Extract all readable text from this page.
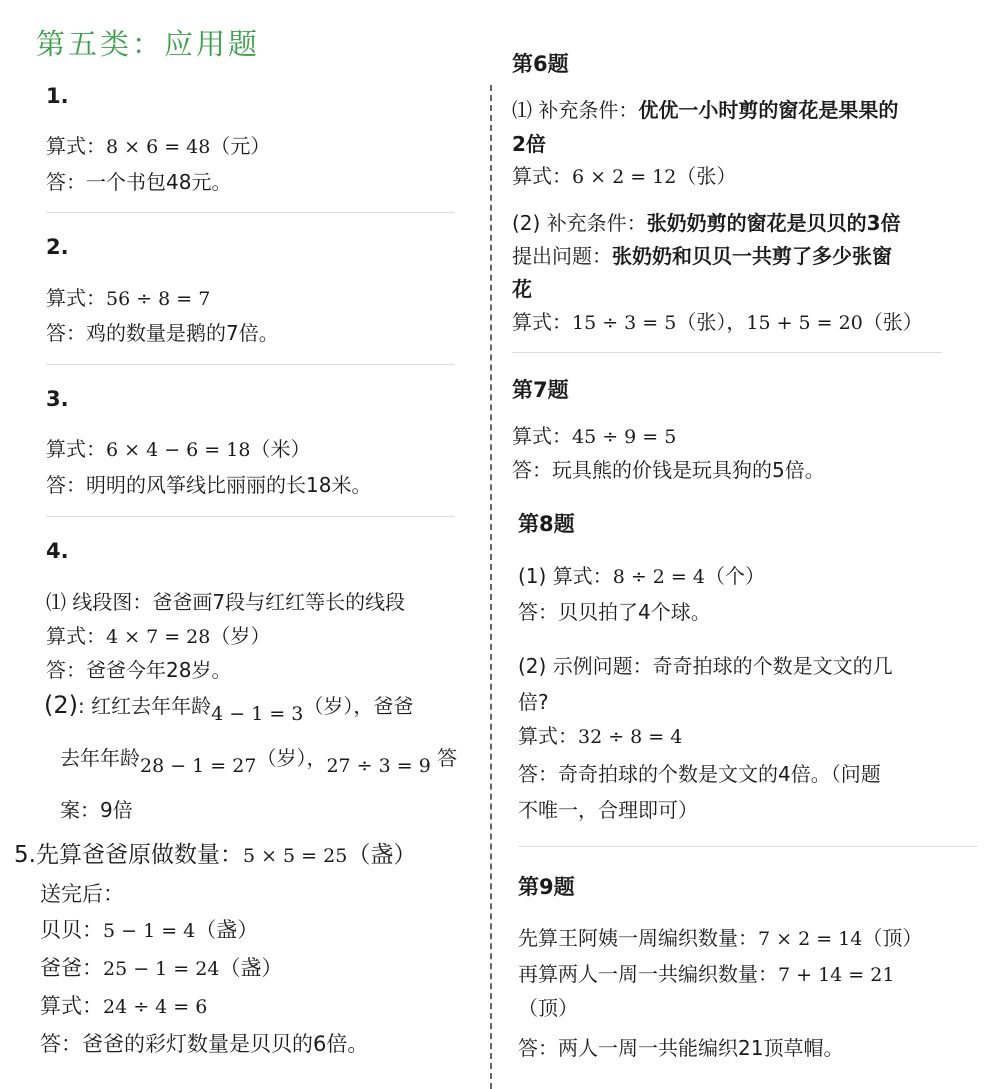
第五类：应用题
1.
算式：8 × 6 = 48（元）
答：一个书包48元。
2.
算式：56 ÷ 8 = 7
答：鸡的数量是鹅的7倍。
3.
算式：6 × 4 − 6 = 18（米）
答：明明的风筝线比丽丽的长18米。
4.
⑴ 线段图：爸爸画7段与红红等长的线段
算式：4 × 7 = 28（岁）
答：爸爸今年28岁。
(2): 红红去年年龄4 − 1 = 3（岁），爸爸
去年年龄28 − 1 = 27（岁），27 ÷ 3 = 9 答
案：9倍
5.先算爸爸原做数量：5 × 5 = 25（盏）
送完后：
贝贝：5 − 1 = 4（盏）
爸爸：25 − 1 = 24（盏）
算式：24 ÷ 4 = 6
答：爸爸的彩灯数量是贝贝的6倍。
第6题
⑴ 补充条件：优优一小时剪的窗花是果果的
2倍
算式：6 × 2 = 12（张）
(2) 补充条件：张奶奶剪的窗花是贝贝的3倍
提出问题：张奶奶和贝贝一共剪了多少张窗
花
算式：15 ÷ 3 = 5（张），15 + 5 = 20（张）
第7题
算式：45 ÷ 9 = 5
答：玩具熊的价钱是玩具狗的5倍。
第8题
(1) 算式：8 ÷ 2 = 4（个）
答：贝贝拍了4个球。
(2) 示例问题：奇奇拍球的个数是文文的几
倍?
算式：32 ÷ 8 = 4
答：奇奇拍球的个数是文文的4倍。（问题
不唯一，合理即可）
第9题
先算王阿姨一周编织数量：7 × 2 = 14（顶）
再算两人一周一共编织数量：7 + 14 = 21
（顶）
答：两人一周一共能编织21顶草帽。
